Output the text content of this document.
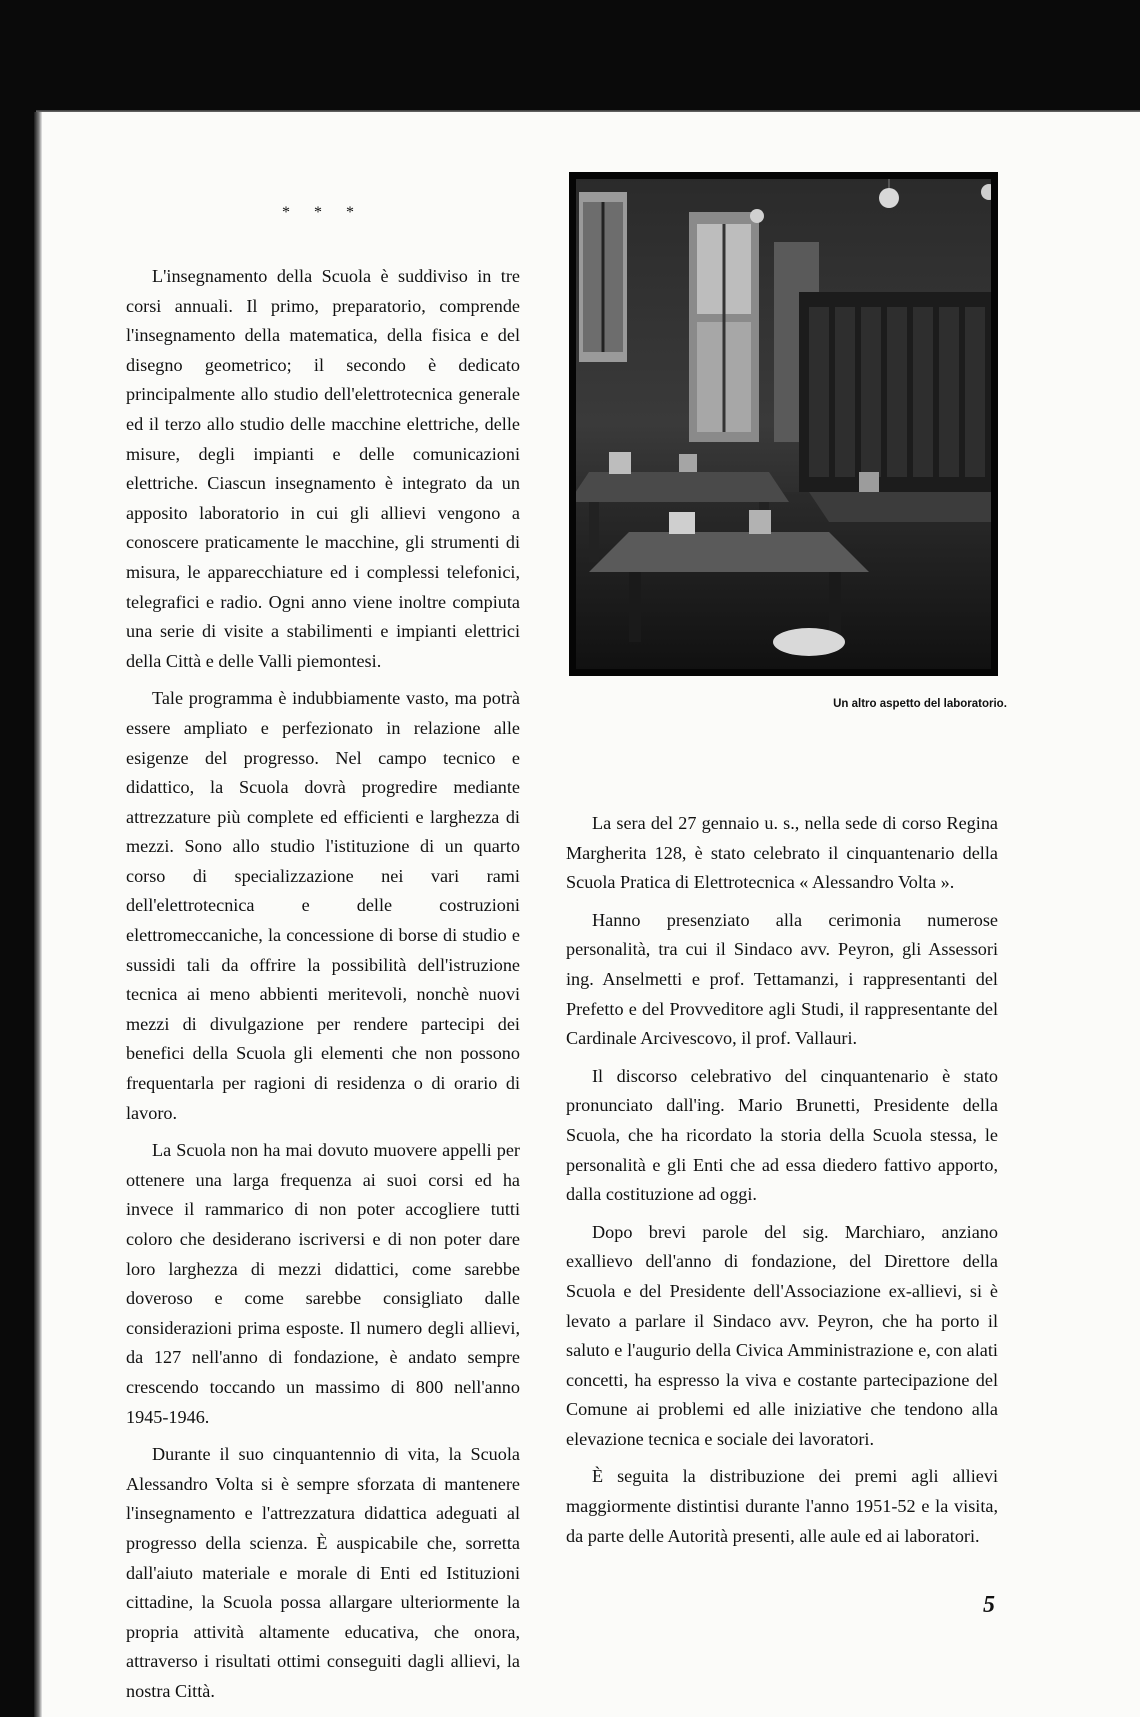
* * *

L'insegnamento della Scuola è suddiviso in tre corsi annuali. Il primo, preparatorio, comprende l'insegnamento della matematica, della fisica e del disegno geometrico; il secondo è dedicato principalmente allo studio dell'elettrotecnica generale ed il terzo allo studio delle macchine elettriche, delle misure, degli impianti e delle comunicazioni elettriche. Ciascun insegnamento è integrato da un apposito laboratorio in cui gli allievi vengono a conoscere praticamente le macchine, gli strumenti di misura, le apparecchiature ed i complessi telefonici, telegrafici e radio. Ogni anno viene inoltre compiuta una serie di visite a stabilimenti e impianti elettrici della Città e delle Valli piemontesi.

Tale programma è indubbiamente vasto, ma potrà essere ampliato e perfezionato in relazione alle esigenze del progresso. Nel campo tecnico e didattico, la Scuola dovrà progredire mediante attrezzature più complete ed efficienti e larghezza di mezzi. Sono allo studio l'istituzione di un quarto corso di specializzazione nei vari rami dell'elettrotecnica e delle costruzioni elettromeccaniche, la concessione di borse di studio e sussidi tali da offrire la possibilità dell'istruzione tecnica ai meno abbienti meritevoli, nonchè nuovi mezzi di divulgazione per rendere partecipi dei benefici della Scuola gli elementi che non possono frequentarla per ragioni di residenza o di orario di lavoro.

La Scuola non ha mai dovuto muovere appelli per ottenere una larga frequenza ai suoi corsi ed ha invece il rammarico di non poter accogliere tutti coloro che desiderano iscriversi e di non poter dare loro larghezza di mezzi didattici, come sarebbe doveroso e come sarebbe consigliato dalle considerazioni prima esposte. Il numero degli allievi, da 127 nell'anno di fondazione, è andato sempre crescendo toccando un massimo di 800 nell'anno 1945-1946.

Durante il suo cinquantennio di vita, la Scuola Alessandro Volta si è sempre sforzata di mantenere l'insegnamento e l'attrezzatura didattica adeguati al progresso della scienza. È auspicabile che, sorretta dall'aiuto materiale e morale di Enti ed Istituzioni cittadine, la Scuola possa allargare ulteriormente la propria attività altamente educativa, che onora, attraverso i risultati ottimi conseguiti dagli allievi, la nostra Città.

Un altro aspetto del laboratorio.

La sera del 27 gennaio u. s., nella sede di corso Regina Margherita 128, è stato celebrato il cinquantenario della Scuola Pratica di Elettrotecnica « Alessandro Volta ».

Hanno presenziato alla cerimonia numerose personalità, tra cui il Sindaco avv. Peyron, gli Assessori ing. Anselmetti e prof. Tettamanzi, i rappresentanti del Prefetto e del Provveditore agli Studi, il rappresentante del Cardinale Arcivescovo, il prof. Vallauri.

Il discorso celebrativo del cinquantenario è stato pronunciato dall'ing. Mario Brunetti, Presidente della Scuola, che ha ricordato la storia della Scuola stessa, le personalità e gli Enti che ad essa diedero fattivo apporto, dalla costituzione ad oggi.

Dopo brevi parole del sig. Marchiaro, anziano exallievo dell'anno di fondazione, del Direttore della Scuola e del Presidente dell'Associazione ex-allievi, si è levato a parlare il Sindaco avv. Peyron, che ha porto il saluto e l'augurio della Civica Amministrazione e, con alati concetti, ha espresso la viva e costante partecipazione del Comune ai problemi ed alle iniziative che tendono alla elevazione tecnica e sociale dei lavoratori.

È seguita la distribuzione dei premi agli allievi maggiormente distintisi durante l'anno 1951-52 e la visita, da parte delle Autorità presenti, alle aule ed ai laboratori.

5
